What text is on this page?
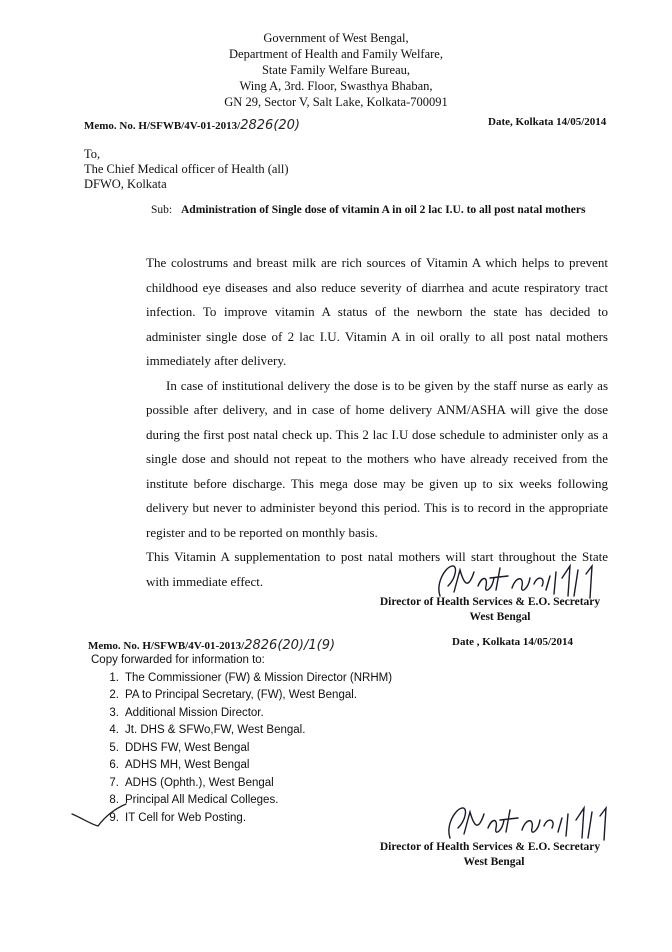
Government of West Bengal,
Department of Health and Family Welfare,
State Family Welfare Bureau,
Wing A, 3rd. Floor, Swasthya Bhaban,
GN 29, Sector V, Salt Lake, Kolkata-700091
Memo. No. H/SFWB/4V-01-2013/2826(20)	Date, Kolkata 14/05/2014
To,
The Chief Medical officer of Health (all)
DFWO, Kolkata
Sub: Administration of Single dose of vitamin A in oil 2 lac I.U. to all post natal mothers
The colostrums and breast milk are rich sources of Vitamin A which helps to prevent childhood eye diseases and also reduce severity of diarrhea and acute respiratory tract infection. To improve vitamin A status of the newborn the state has decided to administer single dose of 2 lac I.U. Vitamin A in oil orally to all post natal mothers immediately after delivery.
In case of institutional delivery the dose is to be given by the staff nurse as early as possible after delivery, and in case of home delivery ANM/ASHA will give the dose during the first post natal check up. This 2 lac I.U dose schedule to administer only as a single dose and should not repeat to the mothers who have already received from the institute before discharge. This mega dose may be given up to six weeks following delivery but never to administer beyond this period. This is to record in the appropriate register and to be reported on monthly basis.
This Vitamin A supplementation to post natal mothers will start throughout the State with immediate effect.
Director of Health Services & E.O. Secretary
West Bengal
Memo. No. H/SFWB/4V-01-2013/2826(20)/1(9)	Date , Kolkata 14/05/2014
Copy forwarded for information to:
1. The Commissioner (FW) & Mission Director (NRHM)
2. PA to Principal Secretary, (FW), West Bengal.
3. Additional Mission Director.
4. Jt. DHS & SFWo,FW, West Bengal.
5. DDHS FW, West Bengal
6. ADHS MH, West Bengal
7. ADHS (Ophth.), West Bengal
8. Principal All Medical Colleges.
9. IT Cell for Web Posting.
Director of Health Services & E.O. Secretary
West Bengal
